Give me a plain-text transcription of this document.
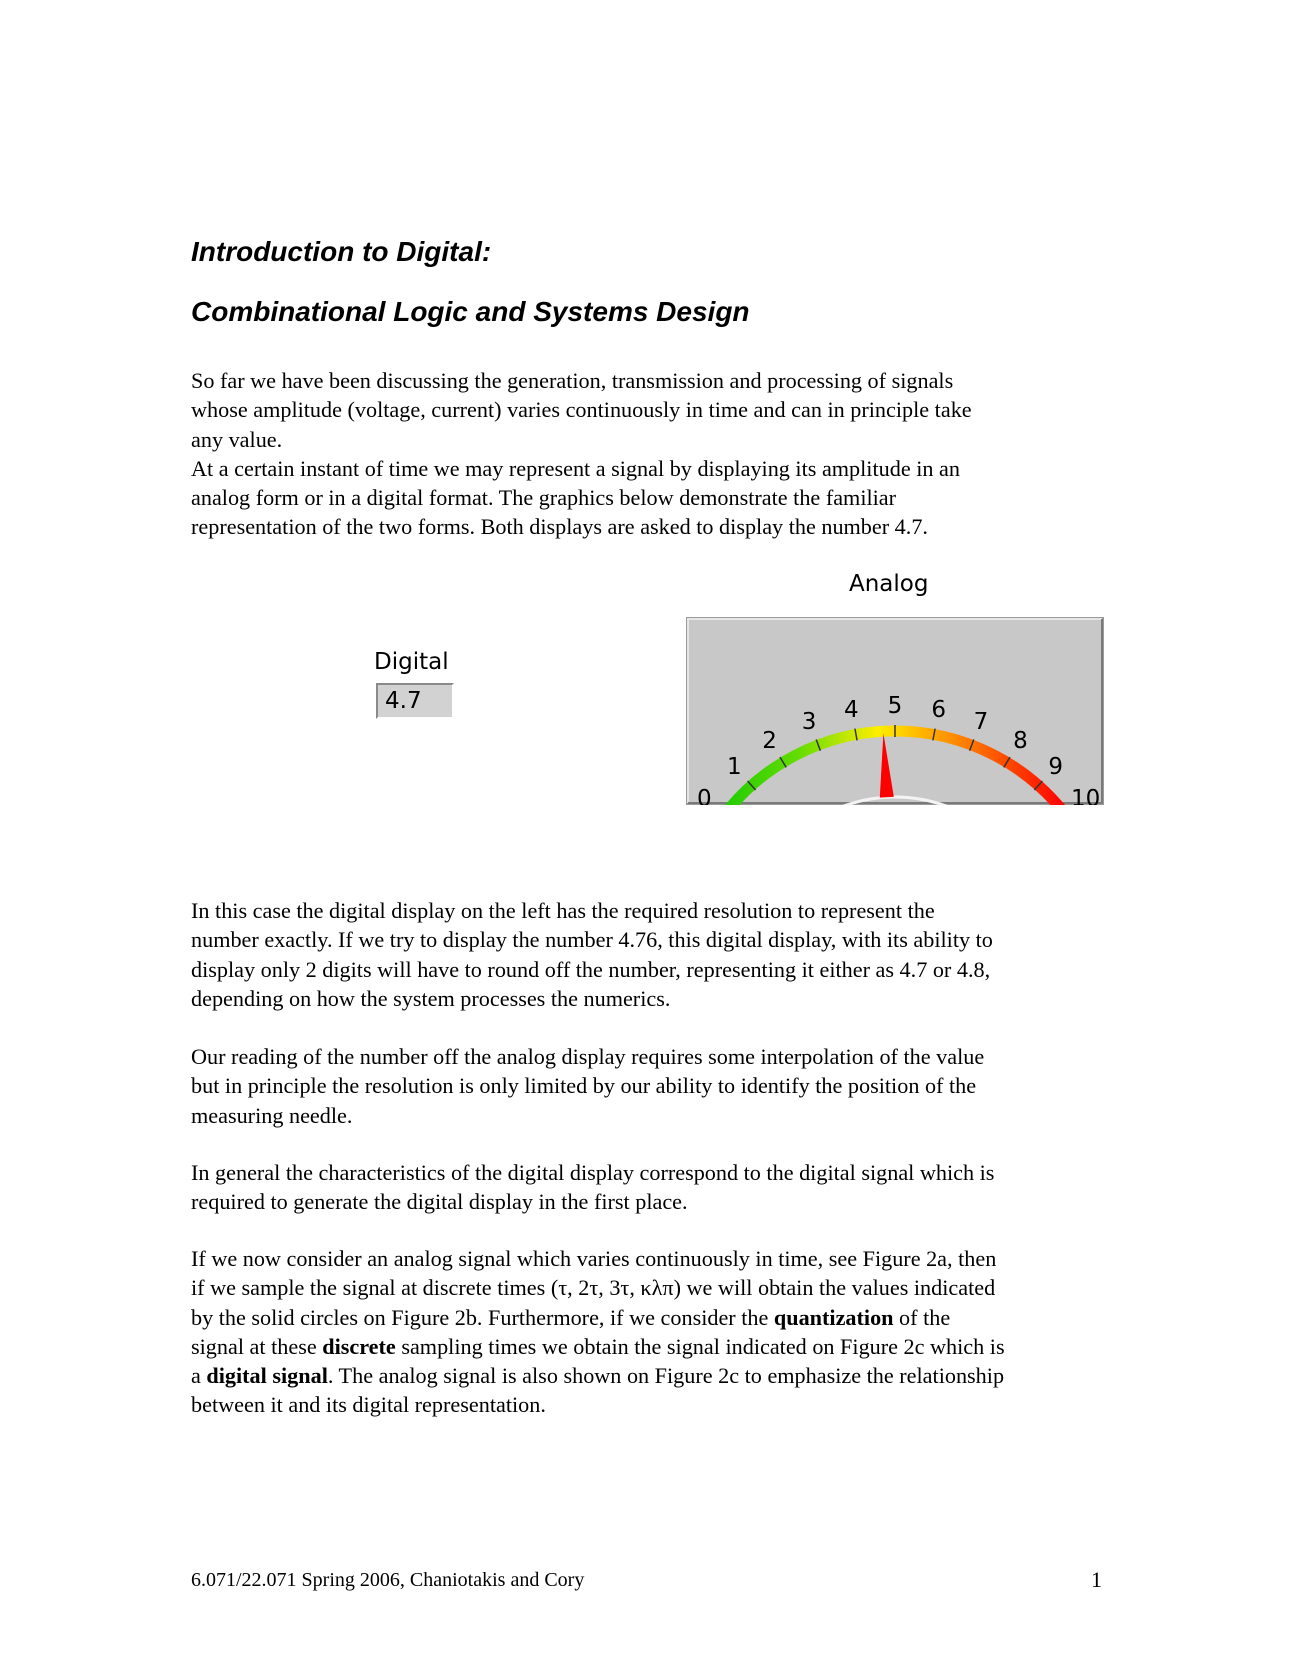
Introduction to Digital:
Combinational Logic and Systems Design

So far we have been discussing the generation, transmission and processing of signals
whose amplitude (voltage, current) varies continuously in time and can in principle take
any value.
At a certain instant of time we may represent a signal by displaying its amplitude in an
analog form or in a digital format. The graphics below demonstrate the familiar
representation of the two forms. Both displays are asked to display the number 4.7.

Digital
4.7
Analog
0
1
2
3 4 5 6 7
8
9
10

In this case the digital display on the left has the required resolution to represent the
number exactly. If we try to display the number 4.76, this digital display, with its ability to
display only 2 digits will have to round off the number, representing it either as 4.7 or 4.8,
depending on how the system processes the numerics.

Our reading of the number off the analog display requires some interpolation of the value
but in principle the resolution is only limited by our ability to identify the position of the
measuring needle.

In general the characteristics of the digital display correspond to the digital signal which is
required to generate the digital display in the first place.

If we now consider an analog signal which varies continuously in time, see Figure 2a, then
if we sample the signal at discrete times (τ, 2τ, 3τ, κλπ) we will obtain the values indicated
by the solid circles on Figure 2b. Furthermore, if we consider the quantization of the
signal at these discrete sampling times we obtain the signal indicated on Figure 2c which is
a digital signal. The analog signal is also shown on Figure 2c to emphasize the relationship
between it and its digital representation.

6.071/22.071 Spring 2006, Chaniotakis and Cory	1
